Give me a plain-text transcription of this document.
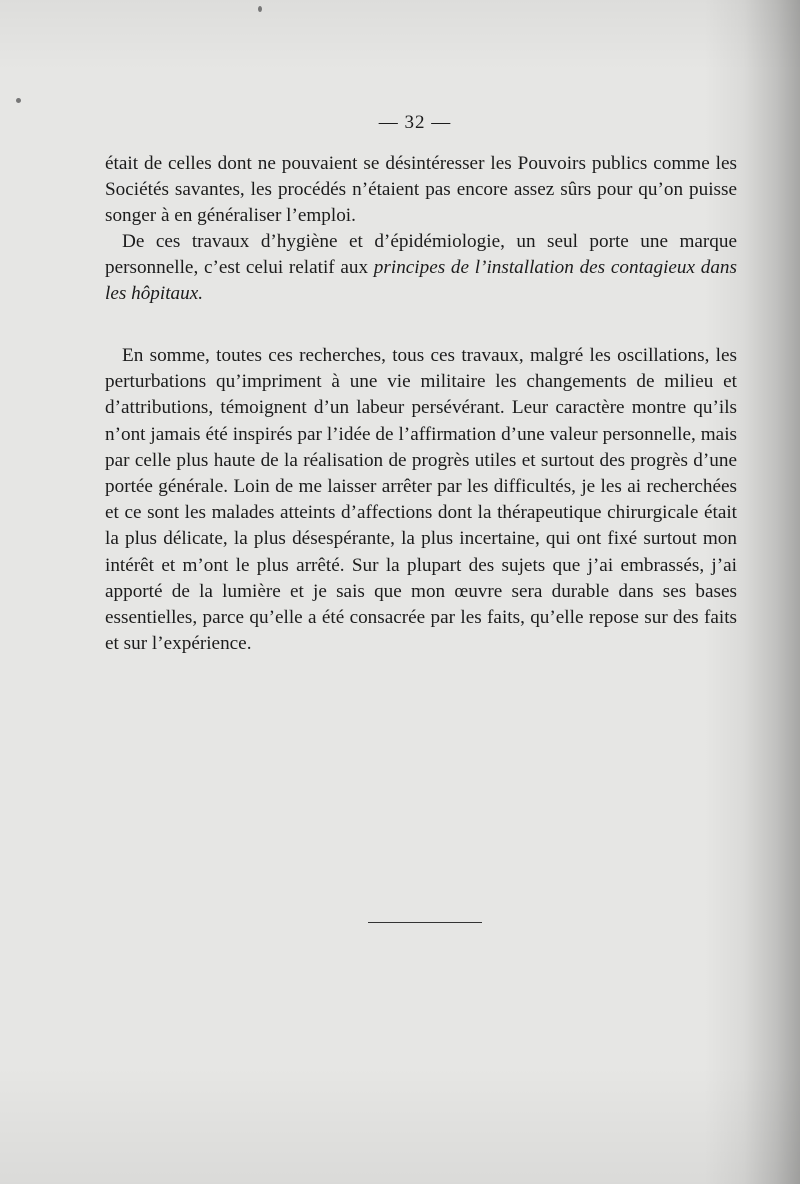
— 32 —

était de celles dont ne pouvaient se désintéresser les Pouvoirs publics comme les Sociétés savantes, les procédés n’étaient pas encore assez sûrs pour qu’on puisse songer à en généraliser l’emploi.

De ces travaux d’hygiène et d’épidémiologie, un seul porte une marque personnelle, c’est celui relatif aux principes de l’installation des contagieux dans les hôpitaux.

En somme, toutes ces recherches, tous ces travaux, malgré les oscillations, les perturbations qu’impriment à une vie militaire les changements de milieu et d’attributions, témoignent d’un labeur persévérant. Leur caractère montre qu’ils n’ont jamais été inspirés par l’idée de l’affirmation d’une valeur personnelle, mais par celle plus haute de la réalisation de progrès utiles et surtout des progrès d’une portée générale. Loin de me laisser arrêter par les difficultés, je les ai recherchées et ce sont les malades atteints d’affections dont la thérapeutique chirurgicale était la plus délicate, la plus désespérante, la plus incertaine, qui ont fixé surtout mon intérêt et m’ont le plus arrêté. Sur la plupart des sujets que j’ai embrassés, j’ai apporté de la lumière et je sais que mon œuvre sera durable dans ses bases essentielles, parce qu’elle a été consacrée par les faits, qu’elle repose sur des faits et sur l’expérience.
